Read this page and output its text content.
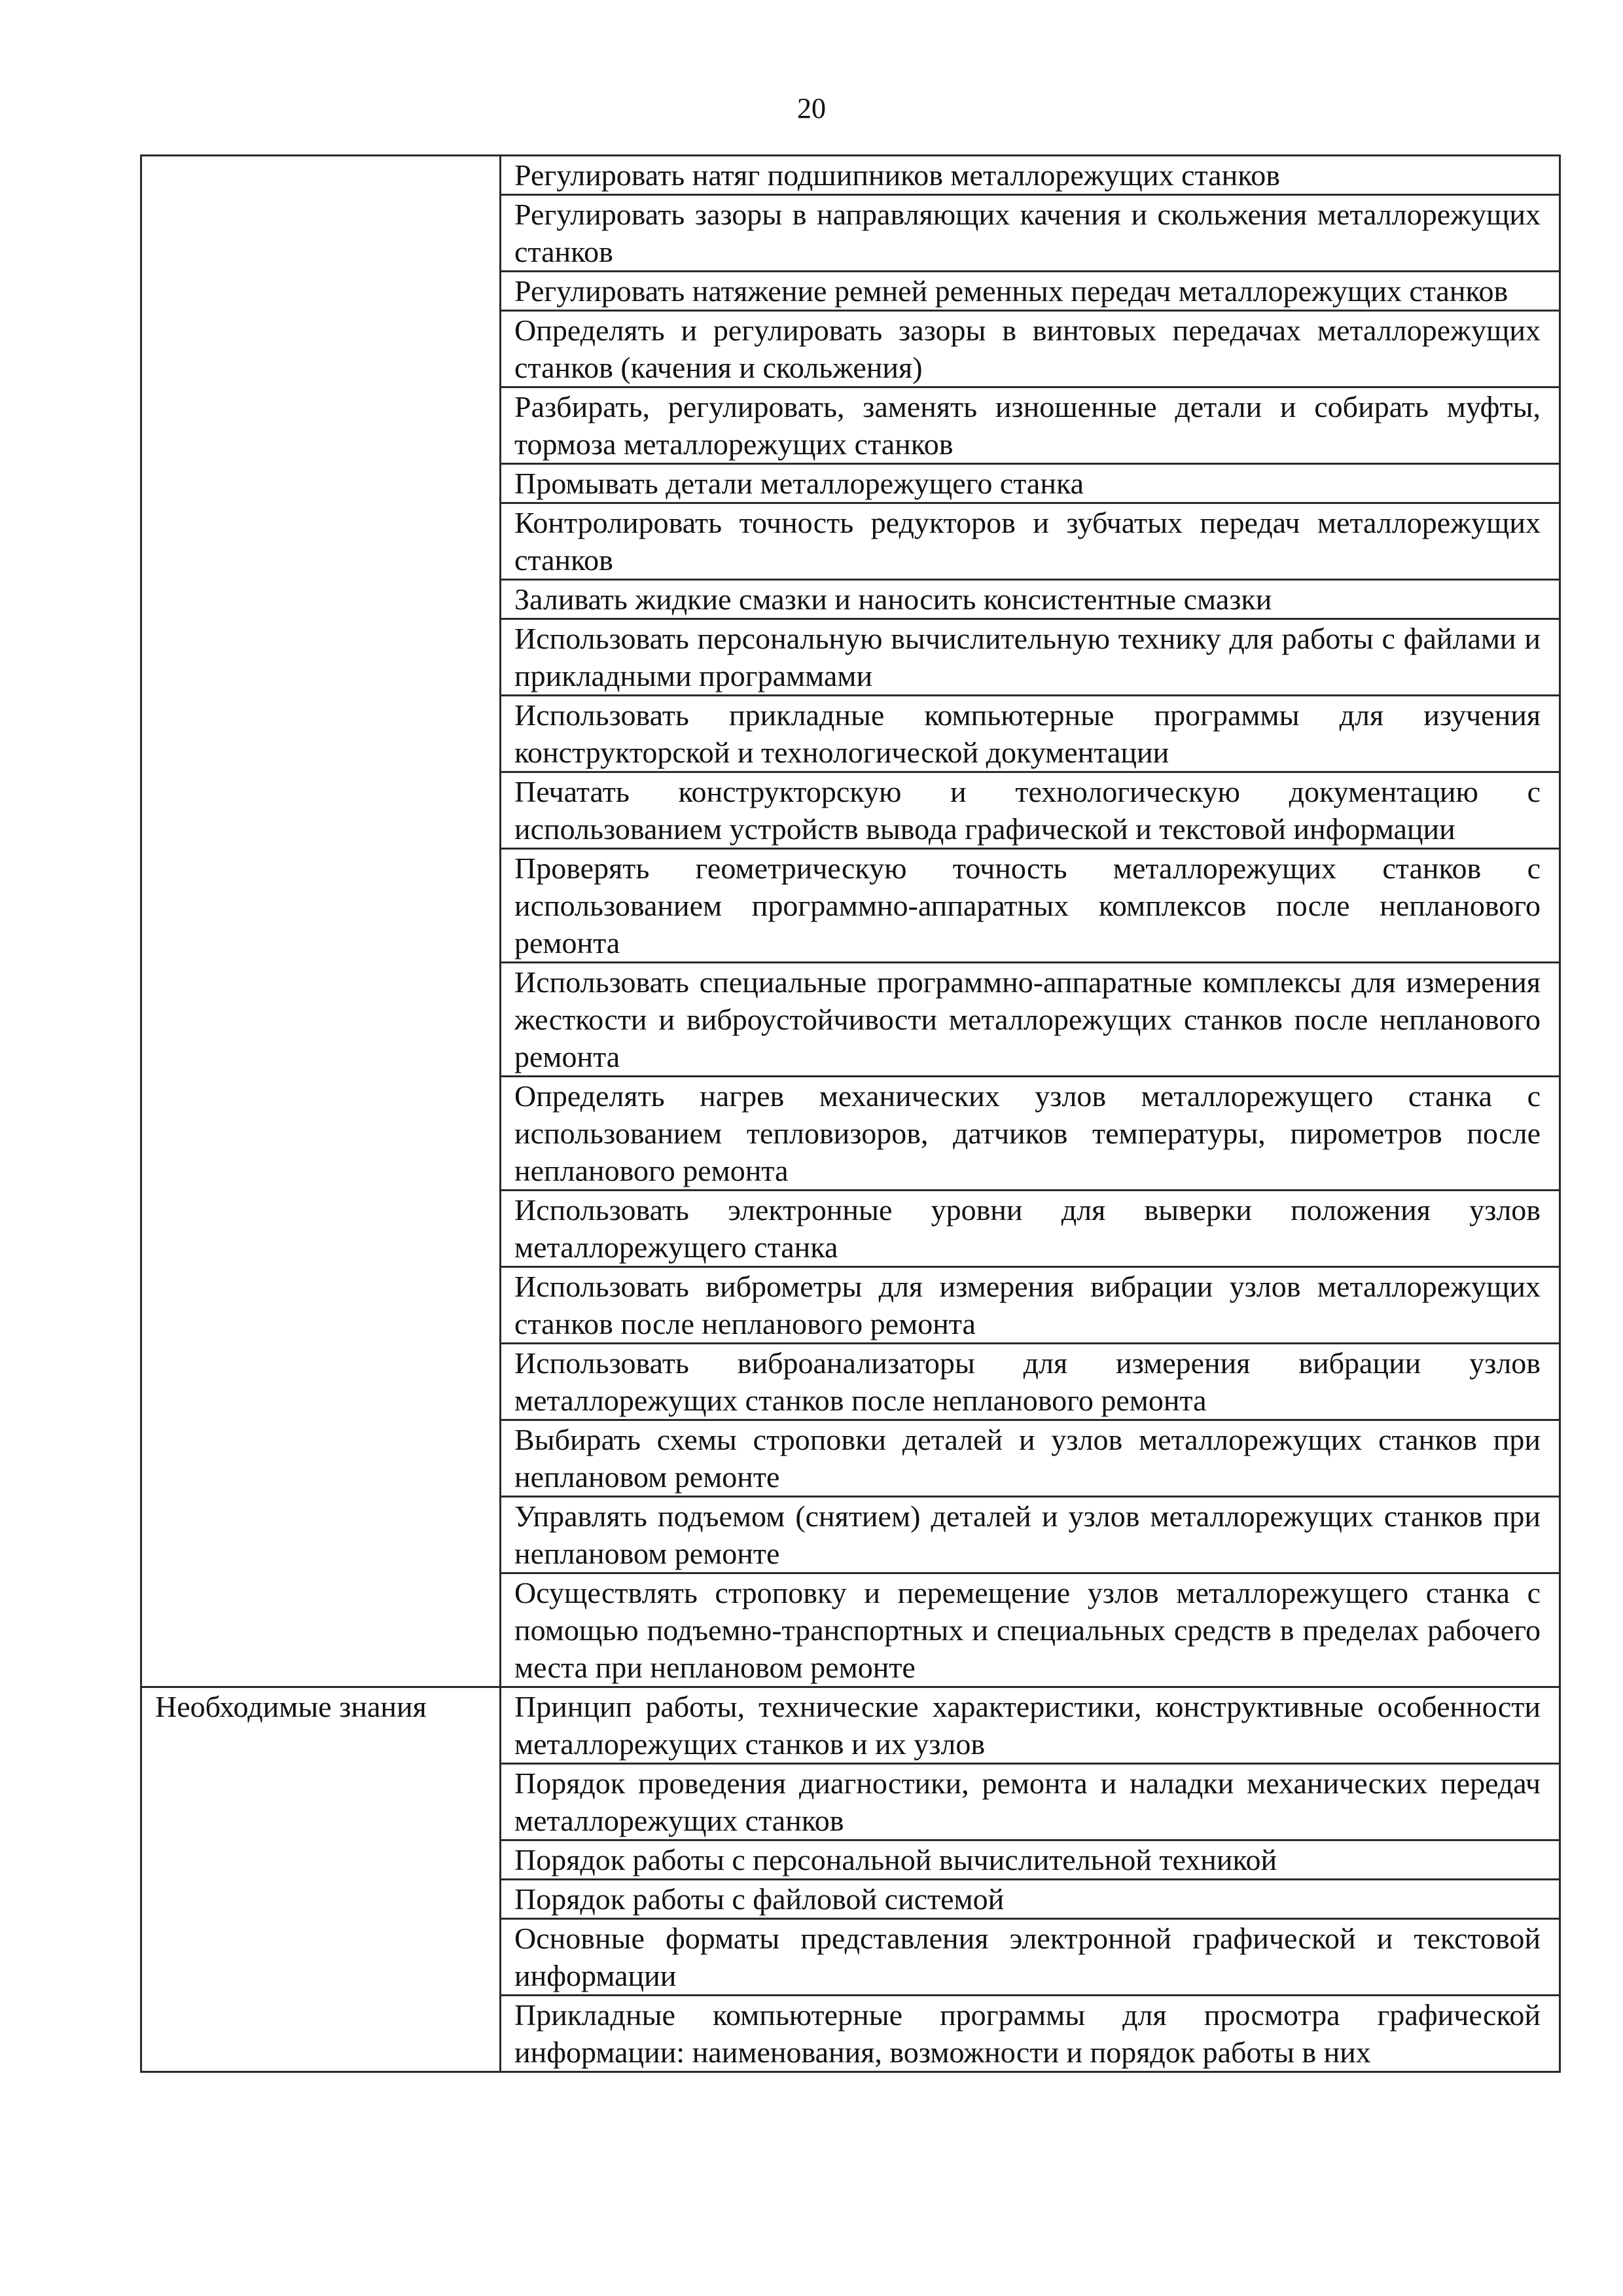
20
	Регулировать натяг подшипников металлорежущих станков
	Регулировать зазоры в направляющих качения и скольжения металлорежущих станков
	Регулировать натяжение ремней ременных передач металлорежущих станков
	Определять и регулировать зазоры в винтовых передачах металлорежущих станков (качения и скольжения)
	Разбирать, регулировать, заменять изношенные детали и собирать муфты, тормоза металлорежущих станков
	Промывать детали металлорежущего станка
	Контролировать точность редукторов и зубчатых передач металлорежущих станков
	Заливать жидкие смазки и наносить консистентные смазки
	Использовать персональную вычислительную технику для работы с файлами и прикладными программами
	Использовать прикладные компьютерные программы для изучения конструкторской и технологической документации
	Печатать конструкторскую и технологическую документацию с использованием устройств вывода графической и текстовой информации
	Проверять геометрическую точность металлорежущих станков с использованием программно-аппаратных комплексов после непланового ремонта
	Использовать специальные программно-аппаратные комплексы для измерения жесткости и виброустойчивости металлорежущих станков после непланового ремонта
	Определять нагрев механических узлов металлорежущего станка с использованием тепловизоров, датчиков температуры, пирометров после непланового ремонта
	Использовать электронные уровни для выверки положения узлов металлорежущего станка
	Использовать виброметры для измерения вибрации узлов металлорежущих станков после непланового ремонта
	Использовать виброанализаторы для измерения вибрации узлов металлорежущих станков после непланового ремонта
	Выбирать схемы строповки деталей и узлов металлорежущих станков при неплановом ремонте
	Управлять подъемом (снятием) деталей и узлов металлорежущих станков при неплановом ремонте
	Осуществлять строповку и перемещение узлов металлорежущего станка с помощью подъемно-транспортных и специальных средств в пределах рабочего места при неплановом ремонте
Необходимые знания	Принцип работы, технические характеристики, конструктивные особенности металлорежущих станков и их узлов
	Порядок проведения диагностики, ремонта и наладки механических передач металлорежущих станков
	Порядок работы с персональной вычислительной техникой
	Порядок работы с файловой системой
	Основные форматы представления электронной графической и текстовой информации
	Прикладные компьютерные программы для просмотра графической информации: наименования, возможности и порядок работы в них
